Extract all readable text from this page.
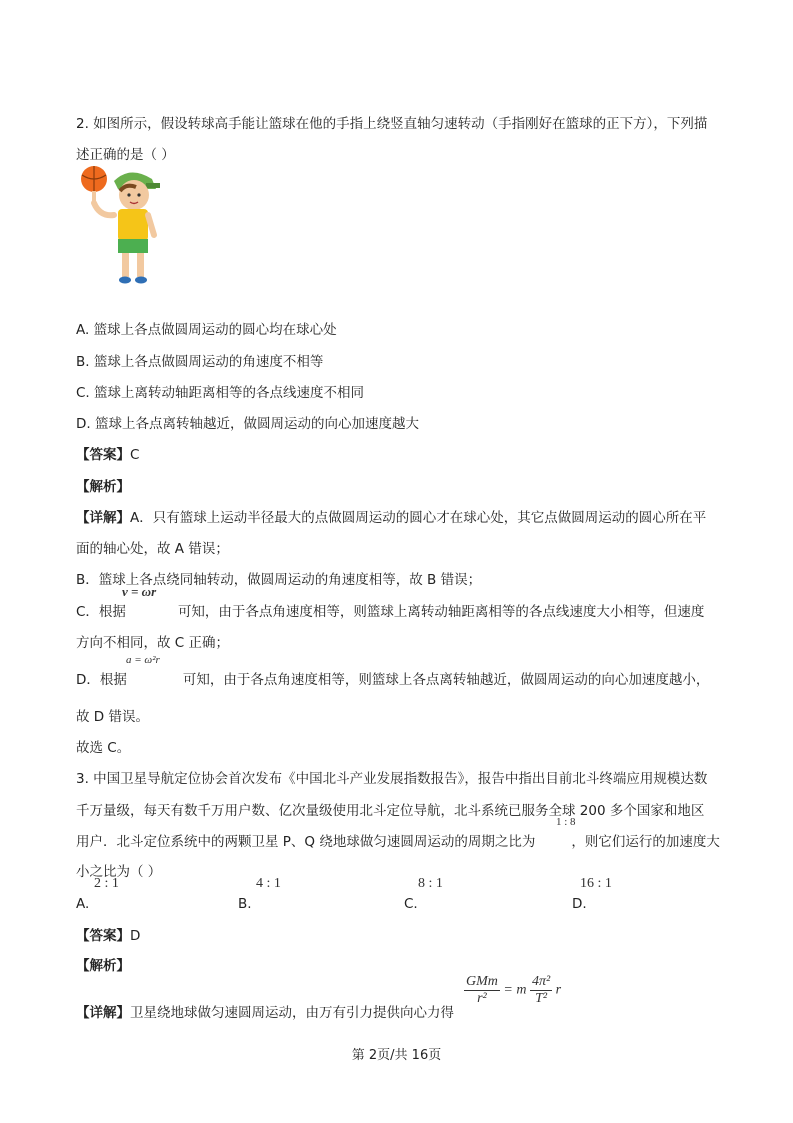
2. 如图所示，假设转球高手能让篮球在他的手指上绕竖直轴匀速转动（手指刚好在篮球的正下方），下列描
述正确的是（ ）
A. 篮球上各点做圆周运动的圆心均在球心处
B. 篮球上各点做圆周运动的角速度不相等
C. 篮球上离转动轴距离相等的各点线速度不相同
D. 篮球上各点离转轴越近，做圆周运动的向心加速度越大
【答案】C
【解析】
【详解】A．只有篮球上运动半径最大的点做圆周运动的圆心才在球心处，其它点做圆周运动的圆心所在平
面的轴心处，故 A 错误；
B．篮球上各点绕同轴转动，做圆周运动的角速度相等，故 B 错误；
v = ωr
C．根据	可知，由于各点角速度相等，则篮球上离转动轴距离相等的各点线速度大小相等，但速度
方向不相同，故 C 正确；
a = ω²r
D．根据	可知，由于各点角速度相等，则篮球上各点离转轴越近，做圆周运动的向心加速度越小，
故 D 错误。
故选 C。
3. 中国卫星导航定位协会首次发布《中国北斗产业发展指数报告》，报告中指出目前北斗终端应用规模达数
千万量级，每天有数千万用户数、亿次量级使用北斗定位导航，北斗系统已服务全球 200 多个国家和地区
1 : 8
用户．北斗定位系统中的两颗卫星 P、Q 绕地球做匀速圆周运动的周期之比为	，则它们运行的加速度大
小之比为（ ）
2 : 1	4 : 1	8 : 1	16 : 1
A.	B.	C.	D.
【答案】D
【解析】
【详解】卫星绕地球做匀速圆周运动，由万有引力提供向心力得
$\frac{\text{GMm}}{\text{r²}} = m \frac{\text{4π²}}{\text{T²}}$ r
第 2页/共 16页
